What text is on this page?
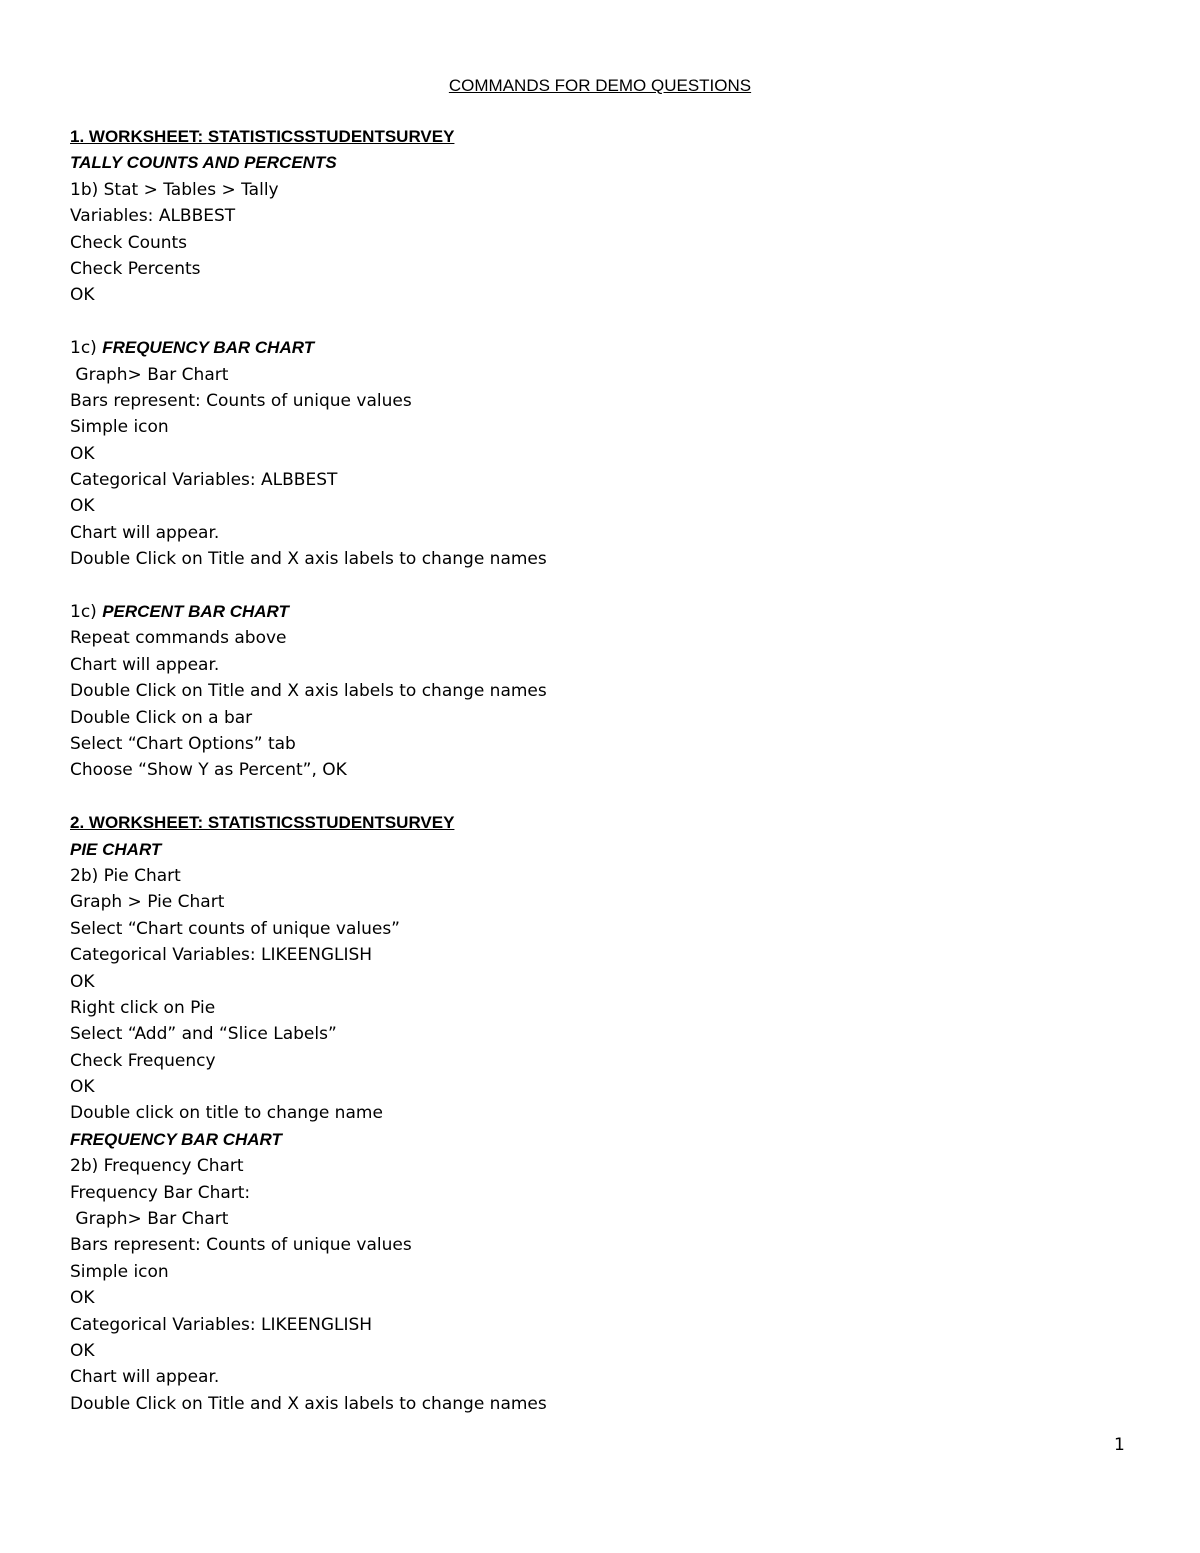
COMMANDS FOR DEMO QUESTIONS
1. WORKSHEET: STATISTICSSTUDENTSURVEY
TALLY COUNTS AND PERCENTS
1b) Stat > Tables > Tally
Variables: ALBBEST
Check Counts
Check Percents
OK
1c) FREQUENCY BAR CHART
Graph> Bar Chart
Bars represent: Counts of unique values
Simple icon
OK
Categorical Variables: ALBBEST
OK
Chart will appear.
Double Click on Title and X axis labels to change names
1c) PERCENT BAR CHART
Repeat commands above
Chart will appear.
Double Click on Title and X axis labels to change names
Double Click on a bar
Select “Chart Options” tab
Choose “Show Y as Percent”, OK
2. WORKSHEET: STATISTICSSTUDENTSURVEY
PIE CHART
2b) Pie Chart
Graph > Pie Chart
Select “Chart counts of unique values”
Categorical Variables: LIKEENGLISH
OK
Right click on Pie
Select “Add” and “Slice Labels”
Check Frequency
OK
Double click on title to change name
FREQUENCY BAR CHART
2b) Frequency Chart
Frequency Bar Chart:
Graph> Bar Chart
Bars represent: Counts of unique values
Simple icon
OK
Categorical Variables: LIKEENGLISH
OK
Chart will appear.
Double Click on Title and X axis labels to change names
1
